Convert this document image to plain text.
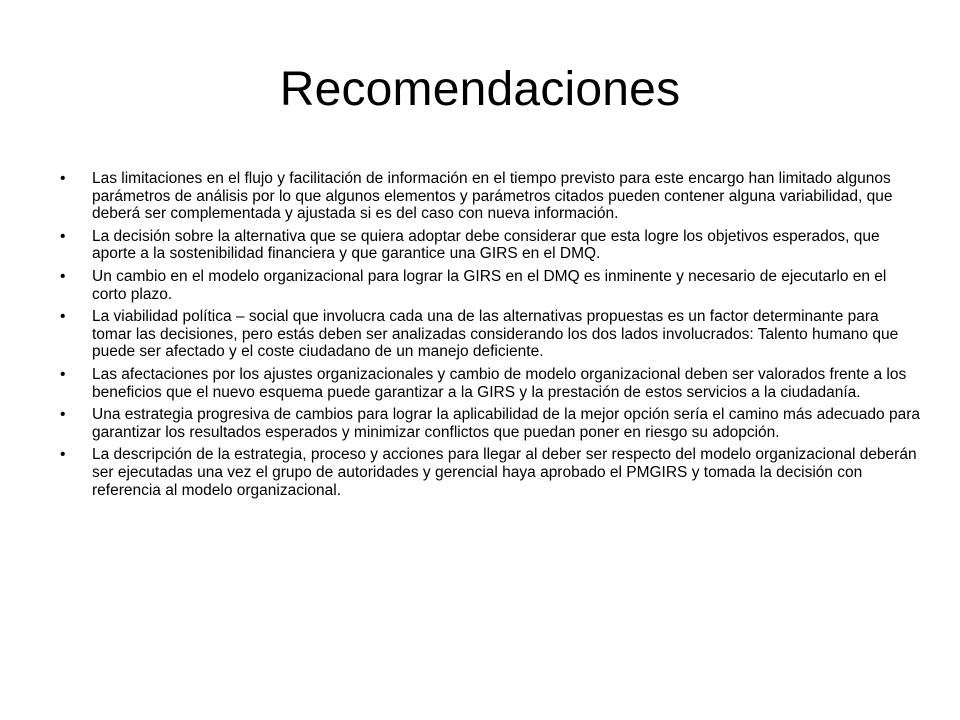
Recomendaciones
• Las limitaciones en el flujo y facilitación de información en el tiempo previsto para este encargo han limitado algunos parámetros de análisis por lo que algunos elementos y parámetros citados pueden contener alguna variabilidad, que deberá ser complementada y ajustada si es del caso con nueva información.
• La decisión sobre la alternativa que se quiera adoptar debe considerar que esta logre los objetivos esperados, que aporte a la sostenibilidad financiera y que garantice una GIRS en el DMQ.
• Un cambio en el modelo organizacional para lograr la GIRS en el DMQ es inminente y necesario de ejecutarlo en el corto plazo.
• La viabilidad política – social que involucra cada una de las alternativas propuestas es un factor determinante para tomar las decisiones, pero estás deben ser analizadas considerando los dos lados involucrados: Talento humano que puede ser afectado y el coste ciudadano de un manejo deficiente.
• Las afectaciones por los ajustes organizacionales y cambio de modelo organizacional deben ser valorados frente a los beneficios que el nuevo esquema puede garantizar a la GIRS y la prestación de estos servicios a la ciudadanía.
• Una estrategia progresiva de cambios para lograr la aplicabilidad de la mejor opción sería el camino más adecuado para garantizar los resultados esperados y minimizar conflictos que puedan poner en riesgo su adopción.
• La descripción de la estrategia, proceso y acciones para llegar al deber ser respecto del modelo organizacional deberán ser ejecutadas una vez el grupo de autoridades y gerencial haya aprobado el PMGIRS y tomada la decisión con referencia al modelo organizacional.
